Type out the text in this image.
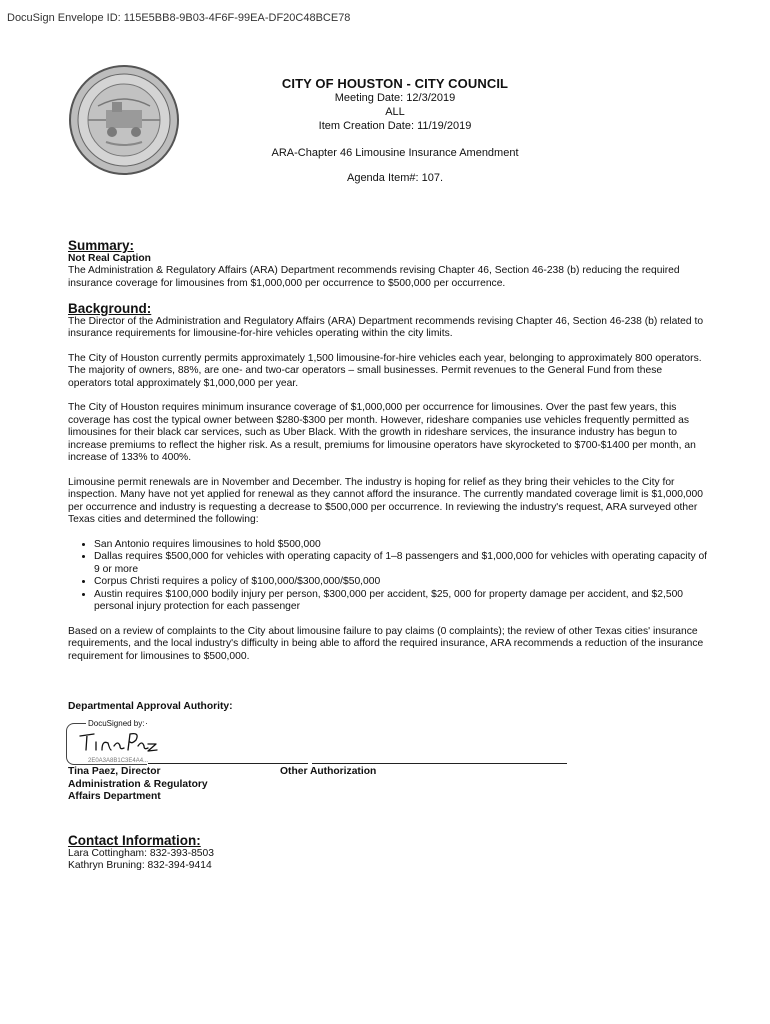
DocuSign Envelope ID: 115E5BB8-9B03-4F6F-99EA-DF20C48BCE78
CITY OF HOUSTON - CITY COUNCIL
Meeting Date: 12/3/2019
ALL
Item Creation Date: 11/19/2019
ARA-Chapter 46 Limousine Insurance Amendment
Agenda Item#: 107.
Summary:
Not Real Caption

The Administration & Regulatory Affairs (ARA) Department recommends revising Chapter 46, Section 46-238 (b) reducing the required insurance coverage for limousines from $1,000,000 per occurrence to $500,000 per occurrence.

Background:

The Director of the Administration and Regulatory Affairs (ARA) Department recommends revising Chapter 46, Section 46-238 (b) related to insurance requirements for limousine-for-hire vehicles operating within the city limits.

The City of Houston currently permits approximately 1,500 limousine-for-hire vehicles each year, belonging to approximately 800 operators. The majority of owners, 88%, are one- and two-car operators – small businesses. Permit revenues to the General Fund from these operators total approximately $1,000,000 per year.

The City of Houston requires minimum insurance coverage of $1,000,000 per occurrence for limousines. Over the past few years, this coverage has cost the typical owner between $280-$300 per month. However, rideshare companies use vehicles frequently permitted as limousines for their black car services, such as Uber Black. With the growth in rideshare services, the insurance industry has begun to increase premiums to reflect the higher risk. As a result, premiums for limousine operators have skyrocketed to $700-$1400 per month, an increase of 133% to 400%.

Limousine permit renewals are in November and December. The industry is hoping for relief as they bring their vehicles to the City for inspection. Many have not yet applied for renewal as they cannot afford the insurance. The currently mandated coverage limit is $1,000,000 per occurrence and industry is requesting a decrease to $500,000 per occurrence. In reviewing the industry's request, ARA surveyed other Texas cities and determined the following:

• San Antonio requires limousines to hold $500,000
• Dallas requires $500,000 for vehicles with operating capacity of 1–8 passengers and $1,000,000 for vehicles with operating capacity of 9 or more
• Corpus Christi requires a policy of $100,000/$300,000/$50,000
• Austin requires $100,000 bodily injury per person, $300,000 per accident, $25, 000 for property damage per accident, and $2,500 personal injury protection for each passenger

Based on a review of complaints to the City about limousine failure to pay claims (0 complaints); the review of other Texas cities' insurance requirements, and the local industry's difficulty in being able to afford the required insurance, ARA recommends a reduction of the insurance requirement for limousines to $500,000.

Departmental Approval Authority:
DocuSigned by:
2E0A3A8B1C3E4A4...
Tina Paez, Director
Administration & Regulatory
Affairs Department
Other Authorization
Contact Information:
Lara Cottingham: 832-393-8503
Kathryn Bruning: 832-394-9414
